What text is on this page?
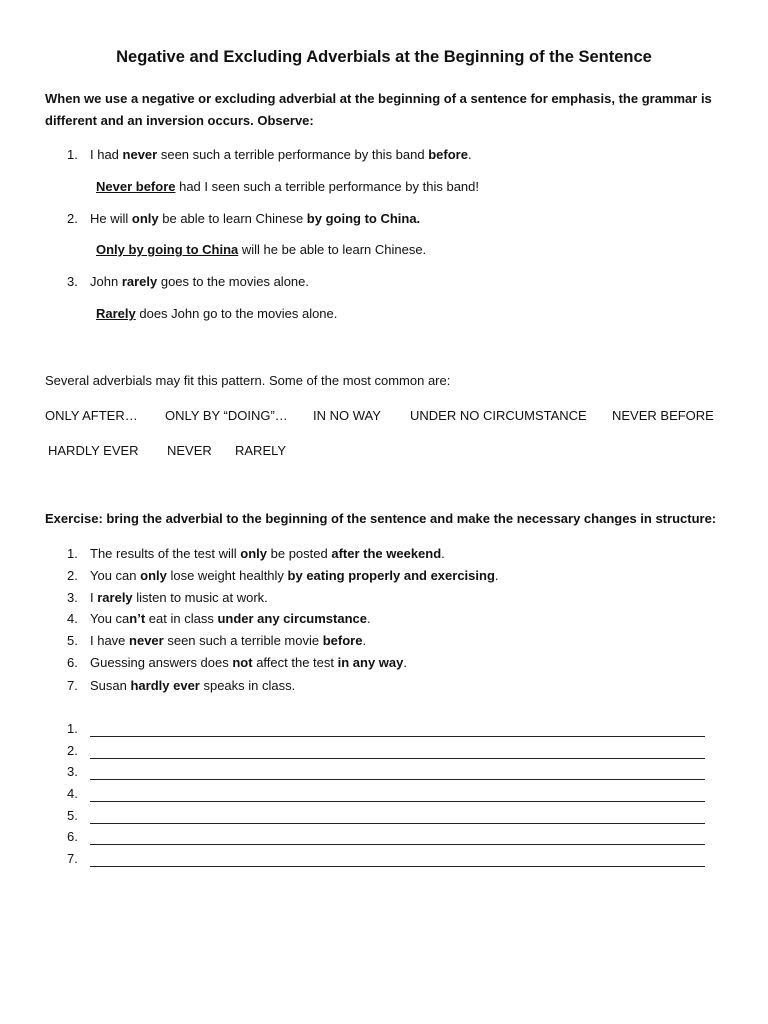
Negative and Excluding Adverbials at the Beginning of the Sentence
When we use a negative or excluding adverbial at the beginning of a sentence for emphasis, the grammar is different and an inversion occurs. Observe:
1. I had never seen such a terrible performance by this band before.
Never before had I seen such a terrible performance by this band!
2. He will only be able to learn Chinese by going to China.
Only by going to China will he be able to learn Chinese.
3. John rarely goes to the movies alone.
Rarely does John go to the movies alone.
Several adverbials may fit this pattern. Some of the most common are:
ONLY AFTER… ONLY BY “DOING”… IN NO WAY UNDER NO CIRCUMSTANCE NEVER BEFORE
HARDLY EVER NEVER RARELY
Exercise: bring the adverbial to the beginning of the sentence and make the necessary changes in structure:
1. The results of the test will only be posted after the weekend.
2. You can only lose weight healthly by eating properly and exercising.
3. I rarely listen to music at work.
4. You can’t eat in class under any circumstance.
5. I have never seen such a terrible movie before.
6. Guessing answers does not affect the test in any way.
7. Susan hardly ever speaks in class.
1.
2.
3.
4.
5.
6.
7.
